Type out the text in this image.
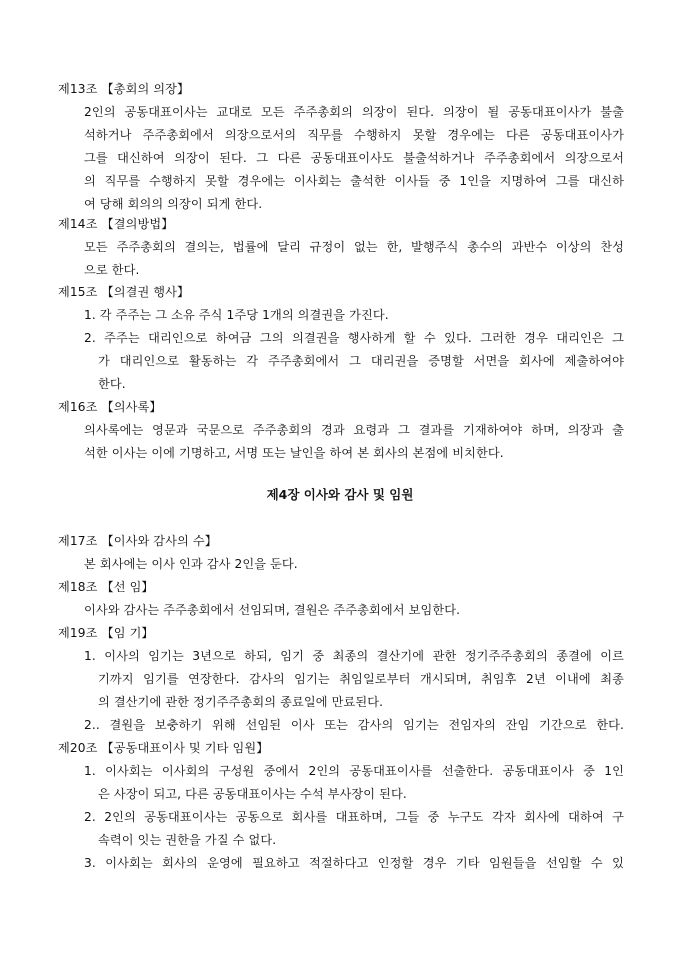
제13조 【총회의 의장】
2인의 공동대표이사는 교대로 모든 주주총회의 의장이 된다. 의장이 될 공동대표이사가 불출
석하거나 주주총회에서 의장으로서의 직무를 수행하지 못할 경우에는 다른 공동대표이사가
그를 대신하여 의장이 된다. 그 다른 공동대표이사도 불출석하거나 주주총회에서 의장으로서
의 직무를 수행하지 못할 경우에는 이사회는 출석한 이사들 중 1인을 지명하여 그를 대신하
여 당해 회의의 의장이 되게 한다.
제14조 【결의방법】
모든 주주총회의 결의는, 법률에 달리 규정이 없는 한, 발행주식 총수의 과반수 이상의 찬성
으로 한다.
제15조 【의결권 행사】
1. 각 주주는 그 소유 주식 1주당 1개의 의결권을 가진다.
2. 주주는 대리인으로 하여금 그의 의결권을 행사하게 할 수 있다. 그러한 경우 대리인은 그
가 대리인으로 활동하는 각 주주총회에서 그 대리권을 증명할 서면을 회사에 제출하여야
한다.
제16조 【의사록】
의사록에는 영문과 국문으로 주주총회의 경과 요령과 그 결과를 기재하여야 하며, 의장과 출
석한 이사는 이에 기명하고, 서명 또는 날인을 하여 본 회사의 본점에 비치한다.
제4장 이사와 감사 및 임원
제17조 【이사와 감사의 수】
본 회사에는 이사 인과 감사 2인을 둔다.
제18조 【선 임】
이사와 감사는 주주총회에서 선임되며, 결원은 주주총회에서 보임한다.
제19조 【임 기】
1. 이사의 임기는 3년으로 하되, 임기 중 최종의 결산기에 관한 정기주주총회의 종결에 이르
기까지 임기를 연장한다. 감사의 임기는 취임일로부터 개시되며, 취임후 2년 이내에 최종
의 결산기에 관한 정기주주총회의 종료일에 만료된다.
2.. 결원을 보충하기 위해 선임된 이사 또는 감사의 임기는 전임자의 잔임 기간으로 한다.
제20조 【공동대표이사 및 기타 임원】
1. 이사회는 이사회의 구성원 중에서 2인의 공동대표이사를 선출한다. 공동대표이사 중 1인
은 사장이 되고, 다른 공동대표이사는 수석 부사장이 된다.
2. 2인의 공동대표이사는 공동으로 회사를 대표하며, 그들 중 누구도 각자 회사에 대하여 구
속력이 잇는 권한을 가질 수 없다.
3. 이사회는 회사의 운영에 필요하고 적절하다고 인정할 경우 기타 임원들을 선임할 수 있
